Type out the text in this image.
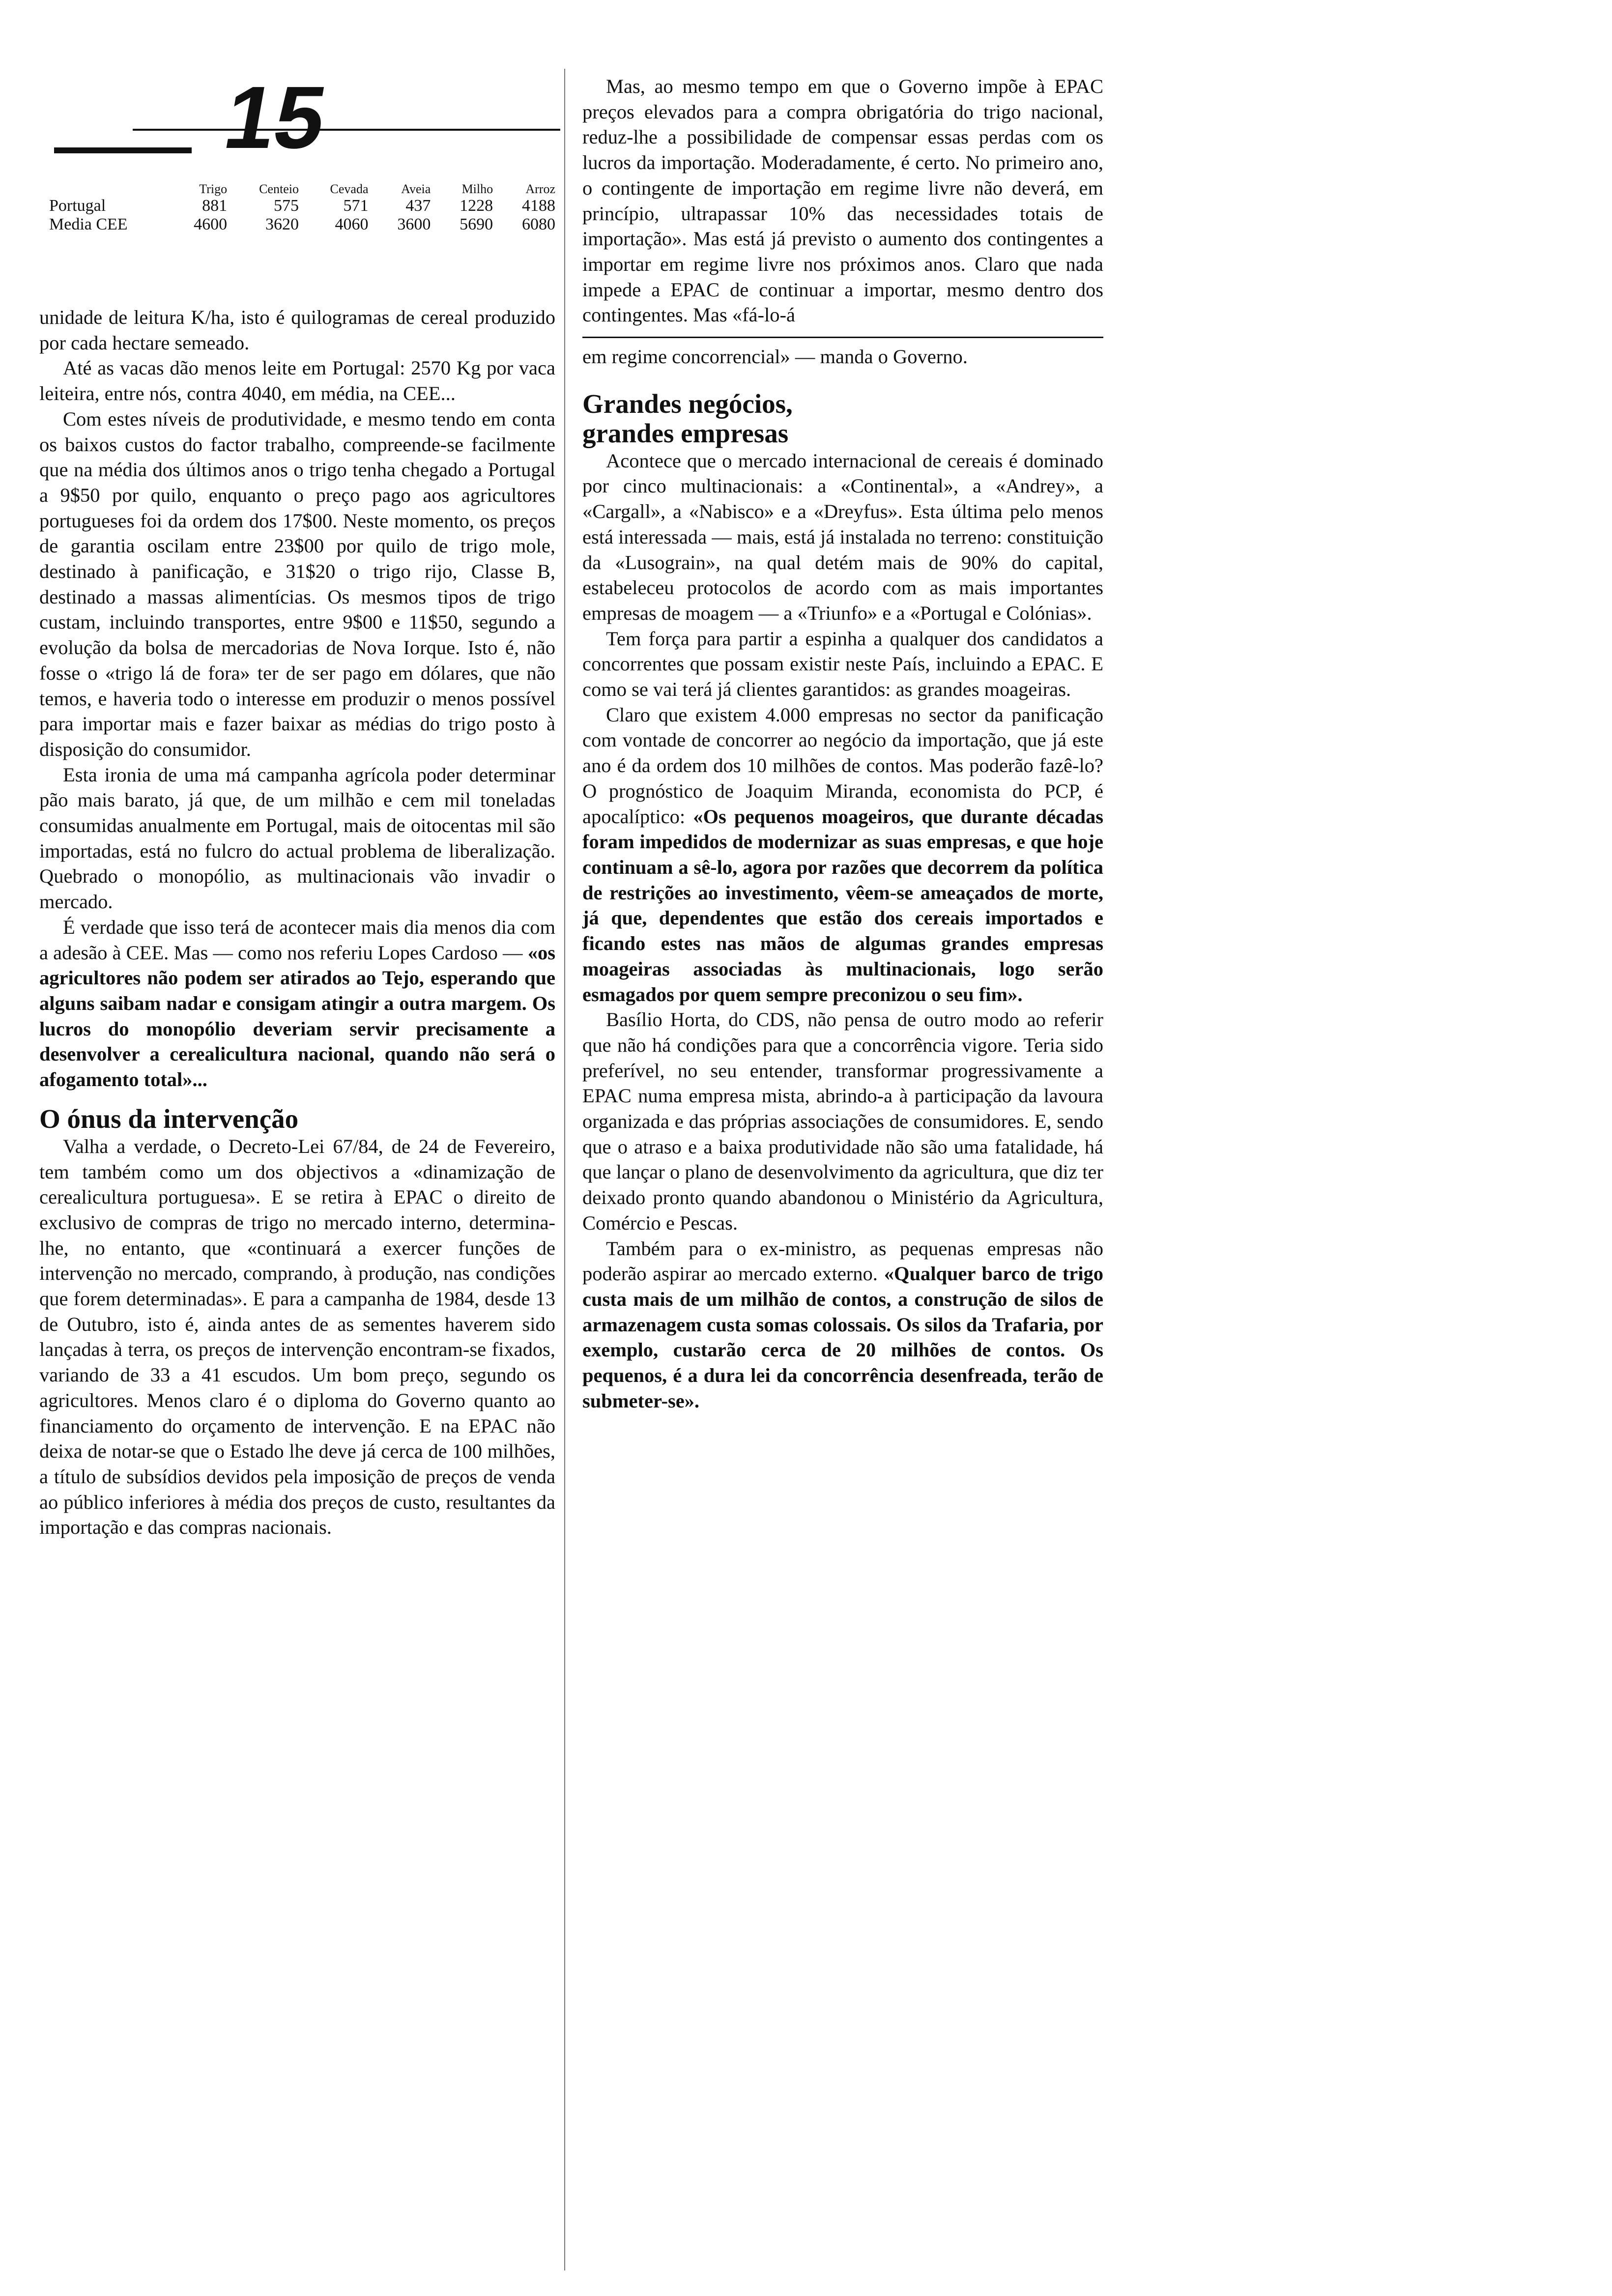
15
	Trigo	Centeio	Cevada	Aveia	Milho	Arroz
Portugal	881	575	571	437	1228	4188
Media CEE	4600	3620	4060	3600	5690	6080

unidade de leitura K/ha, isto é quilogramas de cereal produzido por cada hectare semeado.

Até as vacas dão menos leite em Portugal: 2570 Kg por vaca leiteira, entre nós, contra 4040, em média, na CEE...

Com estes níveis de produtividade, e mesmo tendo em conta os baixos custos do factor trabalho, compreende-se facilmente que na média dos últimos anos o trigo tenha chegado a Portugal a 9$50 por quilo, enquanto o preço pago aos agricultores portugueses foi da ordem dos 17$00. Neste momento, os preços de garantia oscilam entre 23$00 por quilo de trigo mole, destinado à panificação, e 31$20 o trigo rijo, Classe B, destinado a massas alimentícias. Os mesmos tipos de trigo custam, incluindo transportes, entre 9$00 e 11$50, segundo a evolução da bolsa de mercadorias de Nova Iorque. Isto é, não fosse o «trigo lá de fora» ter de ser pago em dólares, que não temos, e haveria todo o interesse em produzir o menos possível para importar mais e fazer baixar as médias do trigo posto à disposição do consumidor.

Esta ironia de uma má campanha agrícola poder determinar pão mais barato, já que, de um milhão e cem mil toneladas consumidas anualmente em Portugal, mais de oitocentas mil são importadas, está no fulcro do actual problema de liberalização. Quebrado o monopólio, as multinacionais vão invadir o mercado.

É verdade que isso terá de acontecer mais dia menos dia com a adesão à CEE. Mas — como nos referiu Lopes Cardoso — «os agricultores não podem ser atirados ao Tejo, esperando que alguns saibam nadar e consigam atingir a outra margem. Os lucros do monopólio deveriam servir precisamente a desenvolver a cerealicultura nacional, quando não será o afogamento total»...

O ónus da intervenção

Valha a verdade, o Decreto-Lei 67/84, de 24 de Fevereiro, tem também como um dos objectivos a «dinamização de cerealicultura portuguesa». E se retira à EPAC o direito de exclusivo de compras de trigo no mercado interno, determina-lhe, no entanto, que «continuará a exercer funções de intervenção no mercado, comprando, à produção, nas condições que forem determinadas». E para a campanha de 1984, desde 13 de Outubro, isto é, ainda antes de as sementes haverem sido lançadas à terra, os preços de intervenção encontram-se fixados, variando de 33 a 41 escudos. Um bom preço, segundo os agricultores. Menos claro é o diploma do Governo quanto ao financiamento do orçamento de intervenção. E na EPAC não deixa de notar-se que o Estado lhe deve já cerca de 100 milhões, a título de subsídios devidos pela imposição de preços de venda ao público inferiores à média dos preços de custo, resultantes da importação e das compras nacionais.

Mas, ao mesmo tempo em que o Governo impõe à EPAC preços elevados para a compra obrigatória do trigo nacional, reduz-lhe a possibilidade de compensar essas perdas com os lucros da importação. Moderadamente, é certo. No primeiro ano, o contingente de importação em regime livre não deverá, em princípio, ultrapassar 10% das necessidades totais de importação». Mas está já previsto o aumento dos contingentes a importar em regime livre nos próximos anos. Claro que nada impede a EPAC de continuar a importar, mesmo dentro dos contingentes. Mas «fá-lo-á

em regime concorrencial» — manda o Governo.

Grandes negócios,
grandes empresas

Acontece que o mercado internacional de cereais é dominado por cinco multinacionais: a «Continental», a «Andrey», a «Cargall», a «Nabisco» e a «Dreyfus». Esta última pelo menos está interessada — mais, está já instalada no terreno: constituição da «Lusograin», na qual detém mais de 90% do capital, estabeleceu protocolos de acordo com as mais importantes empresas de moagem — a «Triunfo» e a «Portugal e Colónias».

Tem força para partir a espinha a qualquer dos candidatos a concorrentes que possam existir neste País, incluindo a EPAC. E como se vai terá já clientes garantidos: as grandes moageiras.

Claro que existem 4.000 empresas no sector da panificação com vontade de concorrer ao negócio da importação, que já este ano é da ordem dos 10 milhões de contos. Mas poderão fazê-lo? O prognóstico de Joaquim Miranda, economista do PCP, é apocalíptico: «Os pequenos moageiros, que durante décadas foram impedidos de modernizar as suas empresas, e que hoje continuam a sê-lo, agora por razões que decorrem da política de restrições ao investimento, vêem-se ameaçados de morte, já que, dependentes que estão dos cereais importados e ficando estes nas mãos de algumas grandes empresas moageiras associadas às multinacionais, logo serão esmagados por quem sempre preconizou o seu fim».

Basílio Horta, do CDS, não pensa de outro modo ao referir que não há condições para que a concorrência vigore. Teria sido preferível, no seu entender, transformar progressivamente a EPAC numa empresa mista, abrindo-a à participação da lavoura organizada e das próprias associações de consumidores. E, sendo que o atraso e a baixa produtividade não são uma fatalidade, há que lançar o plano de desenvolvimento da agricultura, que diz ter deixado pronto quando abandonou o Ministério da Agricultura, Comércio e Pescas.

Também para o ex-ministro, as pequenas empresas não poderão aspirar ao mercado externo. «Qualquer barco de trigo custa mais de um milhão de contos, a construção de silos de armazenagem custa somas colossais. Os silos da Trafaria, por exemplo, custarão cerca de 20 milhões de contos. Os pequenos, é a dura lei da concorrência desenfreada, terão de submeter-se».
